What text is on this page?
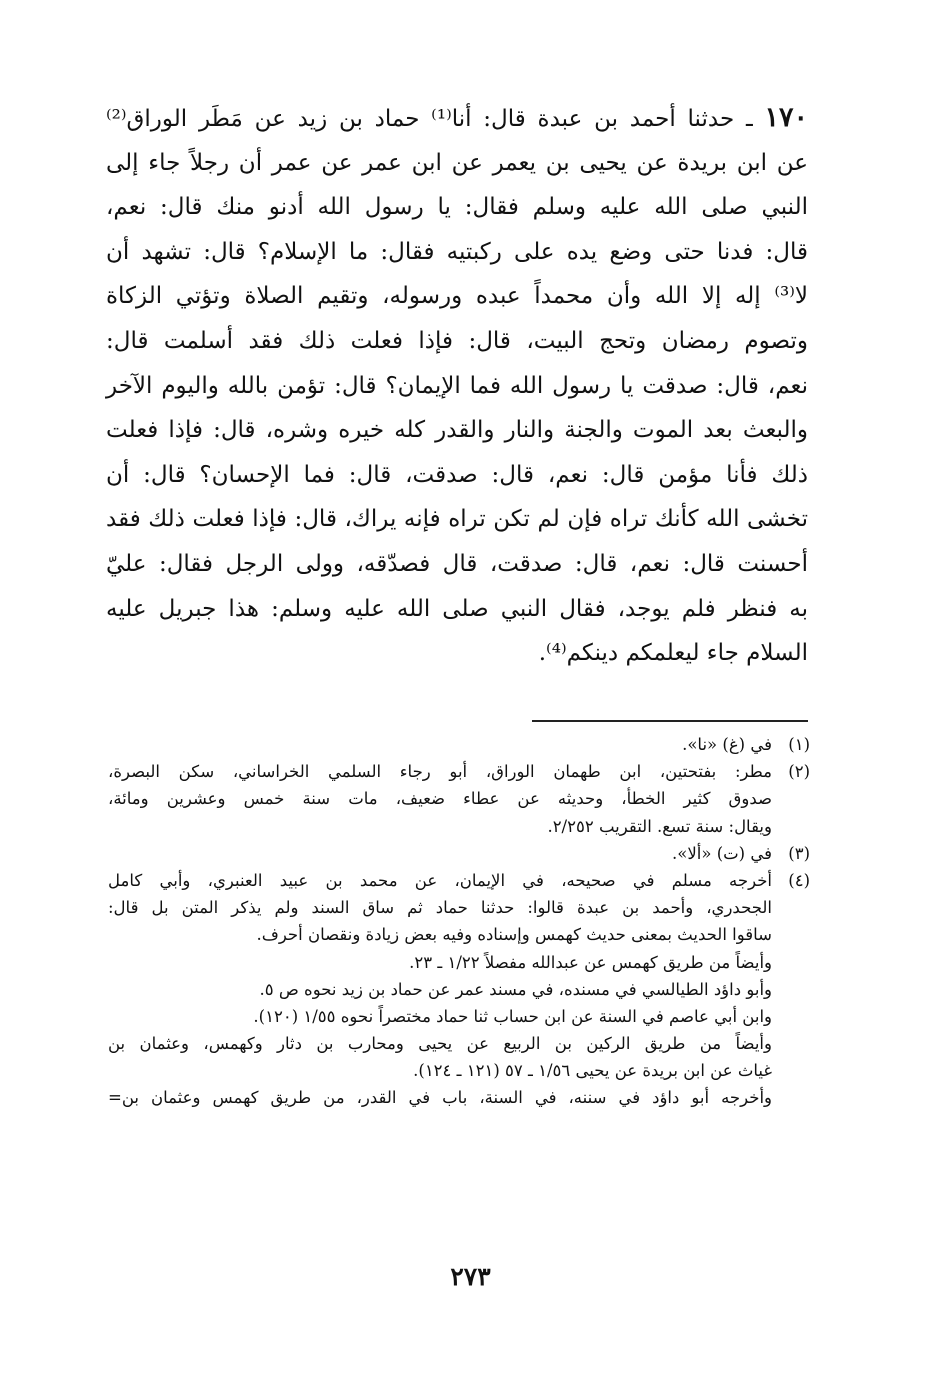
١٧٠ ـ حدثنا أحمد بن عبدة قال: أنا⁽¹⁾ حماد بن زيد عن مَطَر الوراق⁽²⁾
عن ابن بريدة عن يحيى بن يعمر عن ابن عمر عن عمر أن رجلاً جاء إلى
النبي صلى الله عليه وسلم فقال: يا رسول الله أدنو منك قال: نعم،
قال: فدنا حتى وضع يده على ركبتيه فقال: ما الإسلام؟ قال: تشهد أن
لا⁽³⁾ إله إلا الله وأن محمداً عبده ورسوله، وتقيم الصلاة وتؤتي الزكاة
وتصوم رمضان وتحج البيت، قال: فإذا فعلت ذلك فقد أسلمت قال:
نعم، قال: صدقت يا رسول الله فما الإيمان؟ قال: تؤمن بالله واليوم الآخر
والبعث بعد الموت والجنة والنار والقدر كله خيره وشره، قال: فإذا فعلت
ذلك فأنا مؤمن قال: نعم، قال: صدقت، قال: فما الإحسان؟ قال: أن
تخشى الله كأنك تراه فإن لم تكن تراه فإنه يراك، قال: فإذا فعلت ذلك فقد
أحسنت قال: نعم، قال: صدقت، قال فصدّقه، وولى الرجل فقال: عليّ
به فنظر فلم يوجد، فقال النبي صلى الله عليه وسلم: هذا جبريل عليه
السلام جاء ليعلمكم دينكم⁽⁴⁾.
(١)
في (غ) «نا».
(٢)
مطر: بفتحتين، ابن طهمان الوراق، أبو رجاء السلمي الخراساني، سكن البصرة،
صدوق كثير الخطأ، وحديثه عن عطاء ضعيف، مات سنة خمس وعشرين ومائة،
ويقال: سنة تسع. التقريب ٢/٢٥٢.
(٣)
في (ت) «ألا».
(٤)
أخرجه مسلم في صحيحه، في الإيمان، عن محمد بن عبيد العنبري، وأبي كامل
الجحدري، وأحمد بن عبدة قالوا: حدثنا حماد ثم ساق السند ولم يذكر المتن بل قال:
ساقوا الحديث بمعنى حديث كهمس وإسناده وفيه بعض زيادة ونقصان أحرف.
وأيضاً من طريق كهمس عن عبدالله مفصلاً ١/٢٢ ـ ٢٣.
وأبو داؤد الطيالسي في مسنده، في مسند عمر عن حماد بن زيد نحوه ص ٥.
وابن أبي عاصم في السنة عن ابن حساب ثنا حماد مختصراً نحوه ١/٥٥ (١٢٠).
وأيضاً من طريق الركين بن الربيع عن يحيى ومحارب بن دثار وكهمس، وعثمان بن
غياث عن ابن بريدة عن يحيى ١/٥٦ ـ ٥٧ (١٢١ ـ ١٢٤).
وأخرجه أبو داؤد في سننه، في السنة، باب في القدر، من طريق كهمس وعثمان بن=
٢٧٣
